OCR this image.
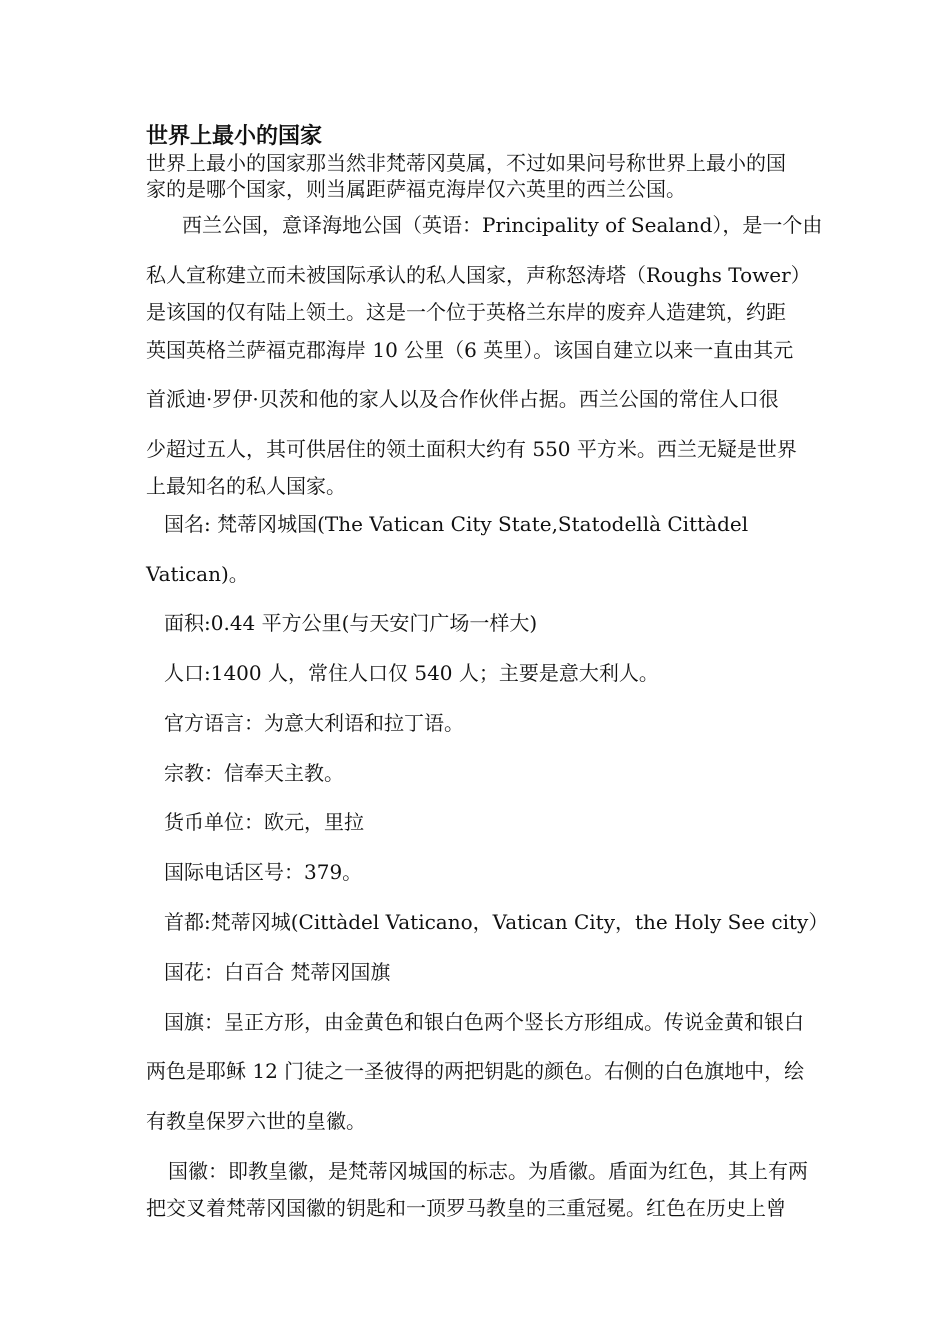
世界上最小的国家
世界上最小的国家那当然非梵蒂冈莫属，不过如果问号称世界上最小的国
家的是哪个国家，则当属距萨福克海岸仅六英里的西兰公国。
西兰公国，意译海地公国（英语：Principality of Sealand），是一个由
私人宣称建立而未被国际承认的私人国家，声称怒涛塔（Roughs Tower）
是该国的仅有陆上领土。这是一个位于英格兰东岸的废弃人造建筑，约距
英国英格兰萨福克郡海岸 10 公里（6 英里）。该国自建立以来一直由其元
首派迪·罗伊·贝茨和他的家人以及合作伙伴占据。西兰公国的常住人口很
少超过五人，其可供居住的领土面积大约有 550 平方米。西兰无疑是世界
上最知名的私人国家。
国名: 梵蒂冈城国(The Vatican City State,Statodellà Cittàdel
Vatican)。
面积:0.44 平方公里(与天安门广场一样大)
人口:1400 人，常住人口仅 540 人；主要是意大利人。
官方语言：为意大利语和拉丁语。
宗教：信奉天主教。
货币单位：欧元，里拉
国际电话区号：379。
首都:梵蒂冈城(Cittàdel Vaticano，Vatican City，the Holy See city）
国花：白百合 梵蒂冈国旗
国旗：呈正方形，由金黄色和银白色两个竖长方形组成。传说金黄和银白
两色是耶稣 12 门徒之一圣彼得的两把钥匙的颜色。右侧的白色旗地中，绘
有教皇保罗六世的皇徽。
国徽：即教皇徽，是梵蒂冈城国的标志。为盾徽。盾面为红色，其上有两
把交叉着梵蒂冈国徽的钥匙和一顶罗马教皇的三重冠冕。红色在历史上曾
